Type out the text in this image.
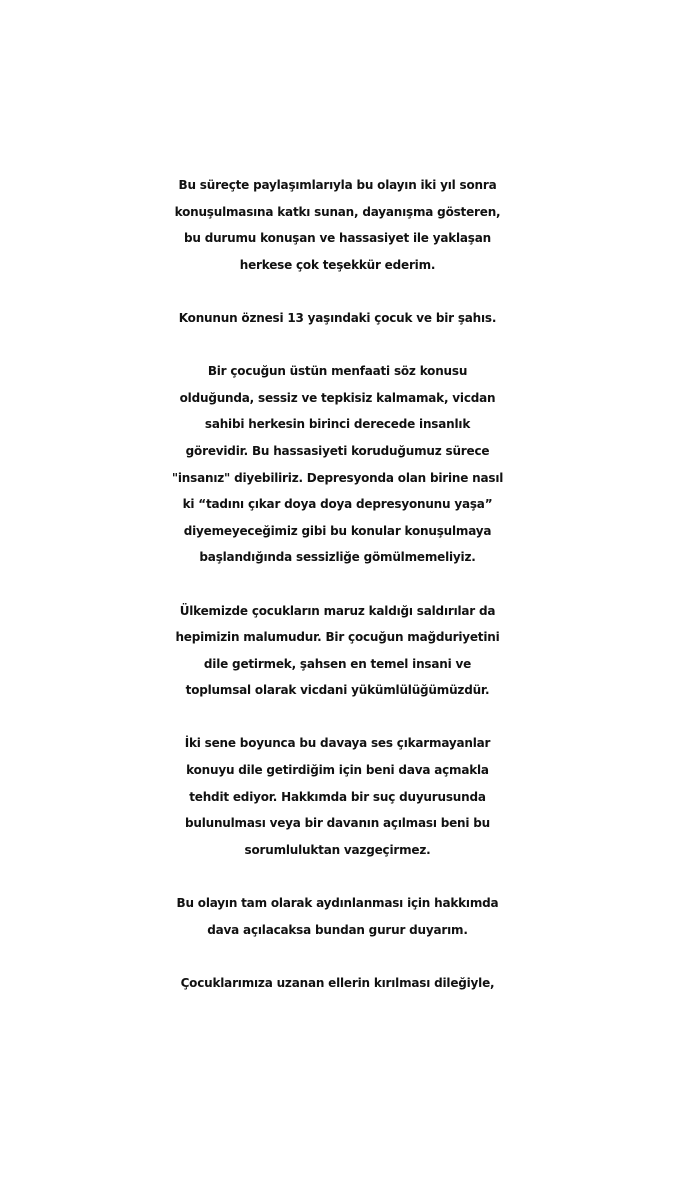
Bu süreçte paylaşımlarıyla bu olayın iki yıl sonra
konuşulmasına katkı sunan, dayanışma gösteren,
bu durumu konuşan ve hassasiyet ile yaklaşan
herkese çok teşekkür ederim.

Konunun öznesi 13 yaşındaki çocuk ve bir şahıs.

Bir çocuğun üstün menfaati söz konusu
olduğunda, sessiz ve tepkisiz kalmamak, vicdan
sahibi herkesin birinci derecede insanlık
görevidir. Bu hassasiyeti koruduğumuz sürece
"insanız" diyebiliriz. Depresyonda olan birine nasıl
ki “tadını çıkar doya doya depresyonunu yaşa”
diyemeyeceğimiz gibi bu konular konuşulmaya
başlandığında sessizliğe gömülmemeliyiz.

Ülkemizde çocukların maruz kaldığı saldırılar da
hepimizin malumudur. Bir çocuğun mağduriyetini
dile getirmek, şahsen en temel insani ve
toplumsal olarak vicdani yükümlülüğümüzdür.

İki sene boyunca bu davaya ses çıkarmayanlar
konuyu dile getirdiğim için beni dava açmakla
tehdit ediyor. Hakkımda bir suç duyurusunda
bulunulması veya bir davanın açılması beni bu
sorumluluktan vazgeçirmez.

Bu olayın tam olarak aydınlanması için hakkımda
dava açılacaksa bundan gurur duyarım.

Çocuklarımıza uzanan ellerin kırılması dileğiyle,
